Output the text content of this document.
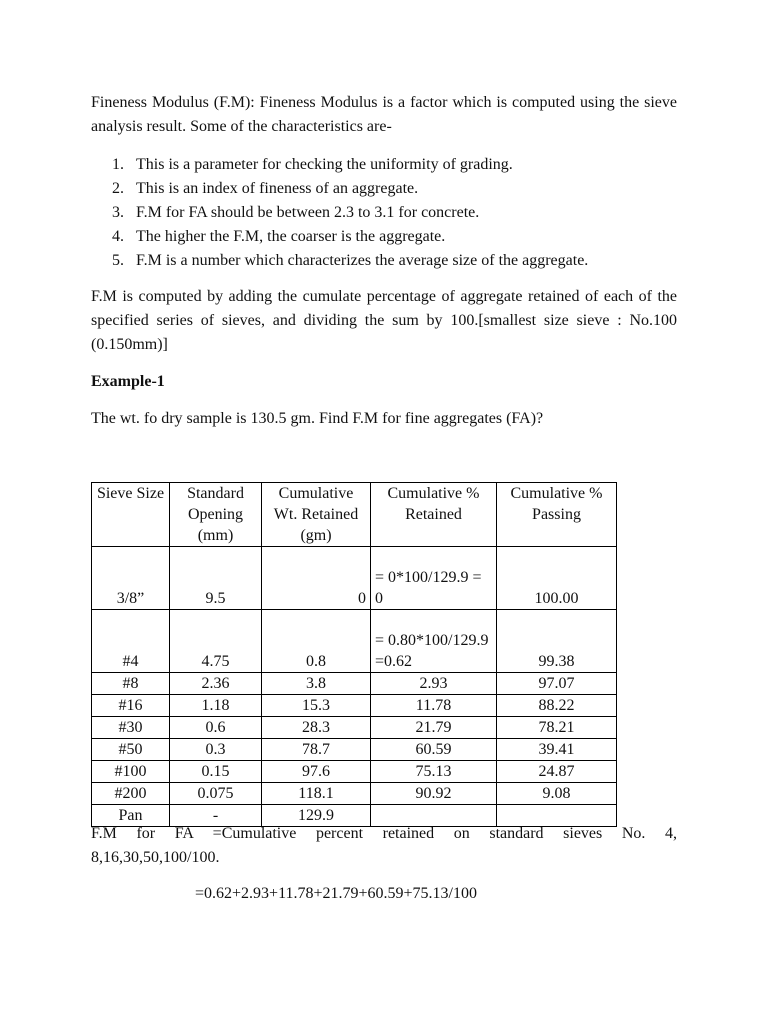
Fineness Modulus (F.M): Fineness Modulus is a factor which is computed using the sieve analysis result. Some of the characteristics are-

1. This is a parameter for checking the uniformity of grading.
2. This is an index of fineness of an aggregate.
3. F.M for FA should be between 2.3 to 3.1 for concrete.
4. The higher the F.M, the coarser is the aggregate.
5. F.M is a number which characterizes the average size of the aggregate.

F.M is computed by adding the cumulate percentage of aggregate retained of each of the specified series of sieves, and dividing the sum by 100.[smallest size sieve : No.100 (0.150mm)]

Example-1

The wt. fo dry sample is 130.5 gm. Find F.M for fine aggregates (FA)?

Sieve Size	Standard Opening (mm)	Cumulative Wt. Retained (gm)	Cumulative % Retained	Cumulative % Passing
3/8”	9.5	0	= 0*100/129.9 = 0	100.00
#4	4.75	0.8	= 0.80*100/129.9 =0.62	99.38
#8	2.36	3.8	2.93	97.07
#16	1.18	15.3	11.78	88.22
#30	0.6	28.3	21.79	78.21
#50	0.3	78.7	60.59	39.41
#100	0.15	97.6	75.13	24.87
#200	0.075	118.1	90.92	9.08
Pan	-	129.9		

F.M for FA =Cumulative percent retained on standard sieves No. 4,

8,16,30,50,100/100.

=0.62+2.93+11.78+21.79+60.59+75.13/100
